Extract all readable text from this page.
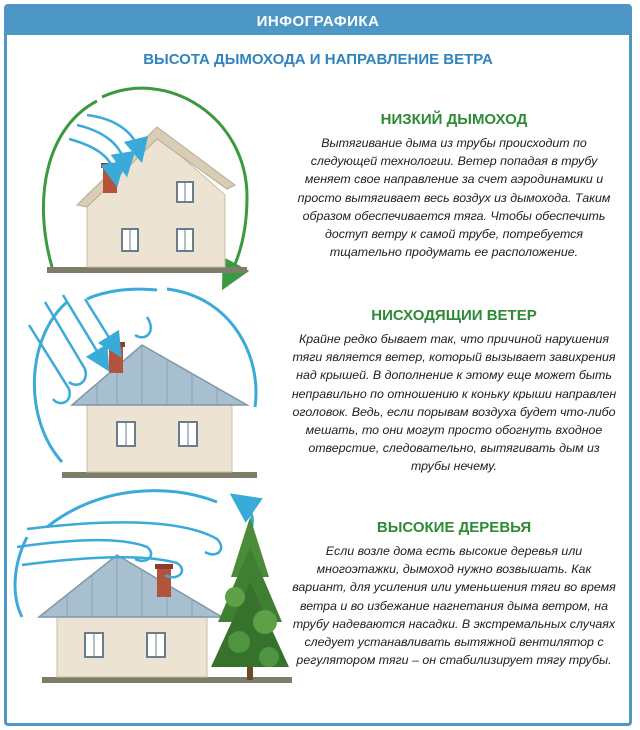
ИНФОГРАФИКА
ВЫСОТА ДЫМОХОДА И НАПРАВЛЕНИЕ ВЕТРА
НИЗКИЙ ДЫМОХОД

Вытягивание дыма из трубы происходит по следующей технологии. Ветер попадая в трубу меняет свое направление за счет аэродинамики и просто вытягивает весь воздух из дымохода. Таким образом обеспечивается тяга. Чтобы обеспечить доступ ветру к самой трубе, потребуется тщательно продумать ее расположение.

НИСХОДЯЩИИ ВЕТЕР

Крайне редко бывает так, что причиной нарушения тяги является ветер, который вызывает завихрения над крышей. В дополнение к этому еще может быть неправильно по отношению к коньку крыши направлен оголовок. Ведь, если порывам воздуха будет что-либо мешать, то они могут просто обогнуть входное отверстие, следовательно, вытягивать дым из трубы нечему.

ВЫСОКИЕ ДЕРЕВЬЯ

Если возле дома есть высокие деревья или многоэтажки, дымоход нужно возвышать. Как вариант, для усиления или уменьшения тяги во время ветра и во избежание нагнетания дыма ветром, на трубу надеваются насадки. В экстремальных случаях следует устанавливать вытяжной вентилятор с регулятором тяги – он стабилизирует тягу трубы.
